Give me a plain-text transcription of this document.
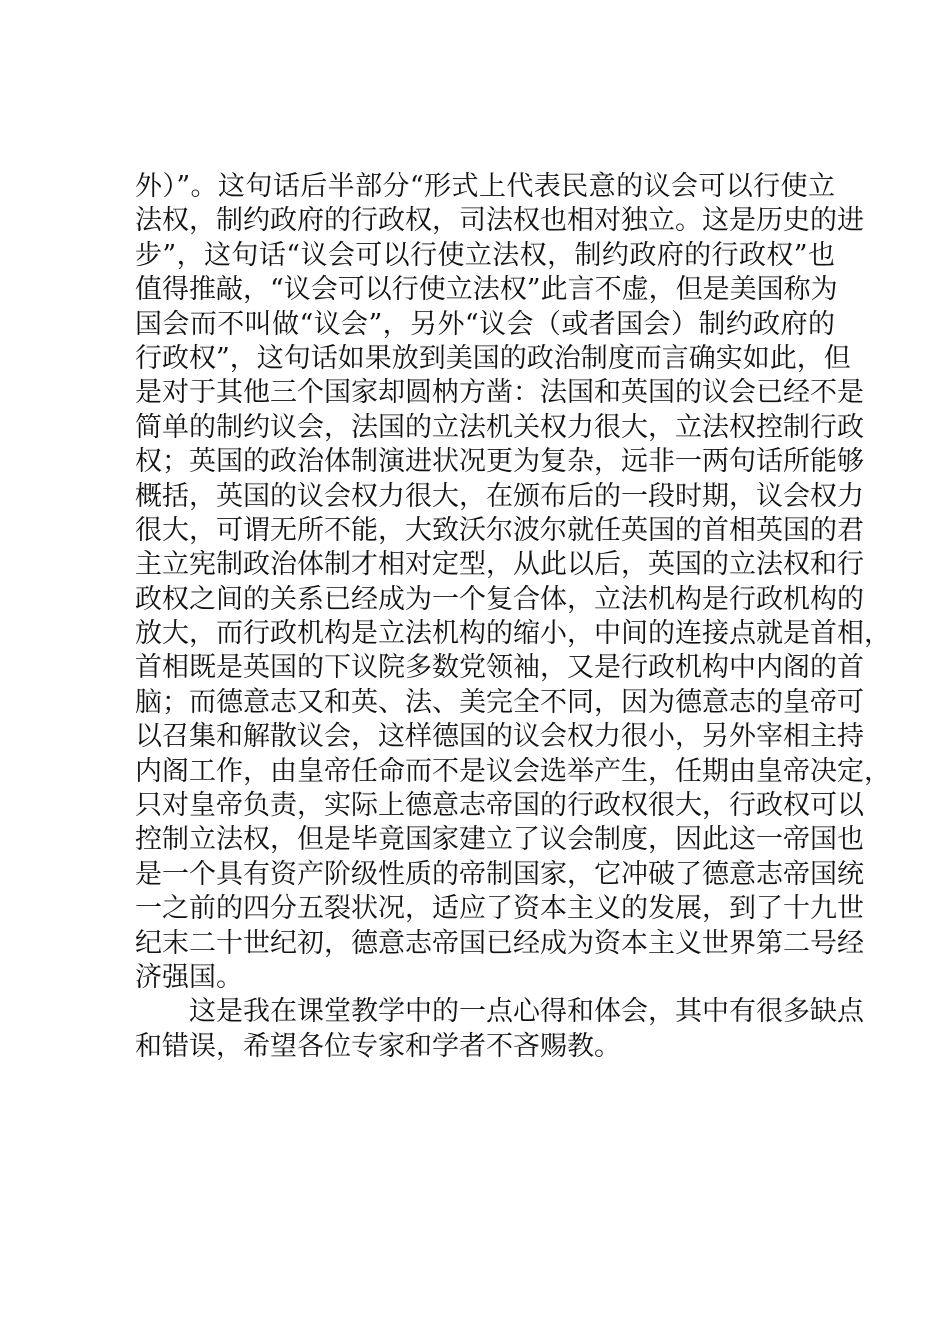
外）”。这句话后半部分“形式上代表民意的议会可以行使立
法权，制约政府的行政权，司法权也相对独立。这是历史的进
步”，这句话“议会可以行使立法权，制约政府的行政权”也
值得推敲，“议会可以行使立法权”此言不虚，但是美国称为
国会而不叫做“议会”，另外“议会（或者国会）制约政府的
行政权”，这句话如果放到美国的政治制度而言确实如此，但
是对于其他三个国家却圆枘方凿：法国和英国的议会已经不是
简单的制约议会，法国的立法机关权力很大，立法权控制行政
权；英国的政治体制演进状况更为复杂，远非一两句话所能够
概括，英国的议会权力很大，在颁布后的一段时期，议会权力
很大，可谓无所不能，大致沃尔波尔就任英国的首相英国的君
主立宪制政治体制才相对定型，从此以后，英国的立法权和行
政权之间的关系已经成为一个复合体，立法机构是行政机构的
放大，而行政机构是立法机构的缩小，中间的连接点就是首相，
首相既是英国的下议院多数党领袖，又是行政机构中内阁的首
脑；而德意志又和英、法、美完全不同，因为德意志的皇帝可
以召集和解散议会，这样德国的议会权力很小，另外宰相主持
内阁工作，由皇帝任命而不是议会选举产生，任期由皇帝决定，
只对皇帝负责，实际上德意志帝国的行政权很大，行政权可以
控制立法权，但是毕竟国家建立了议会制度，因此这一帝国也
是一个具有资产阶级性质的帝制国家，它冲破了德意志帝国统
一之前的四分五裂状况，适应了资本主义的发展，到了十九世
纪末二十世纪初，德意志帝国已经成为资本主义世界第二号经
济强国。
这是我在课堂教学中的一点心得和体会，其中有很多缺点
和错误，希望各位专家和学者不吝赐教。
